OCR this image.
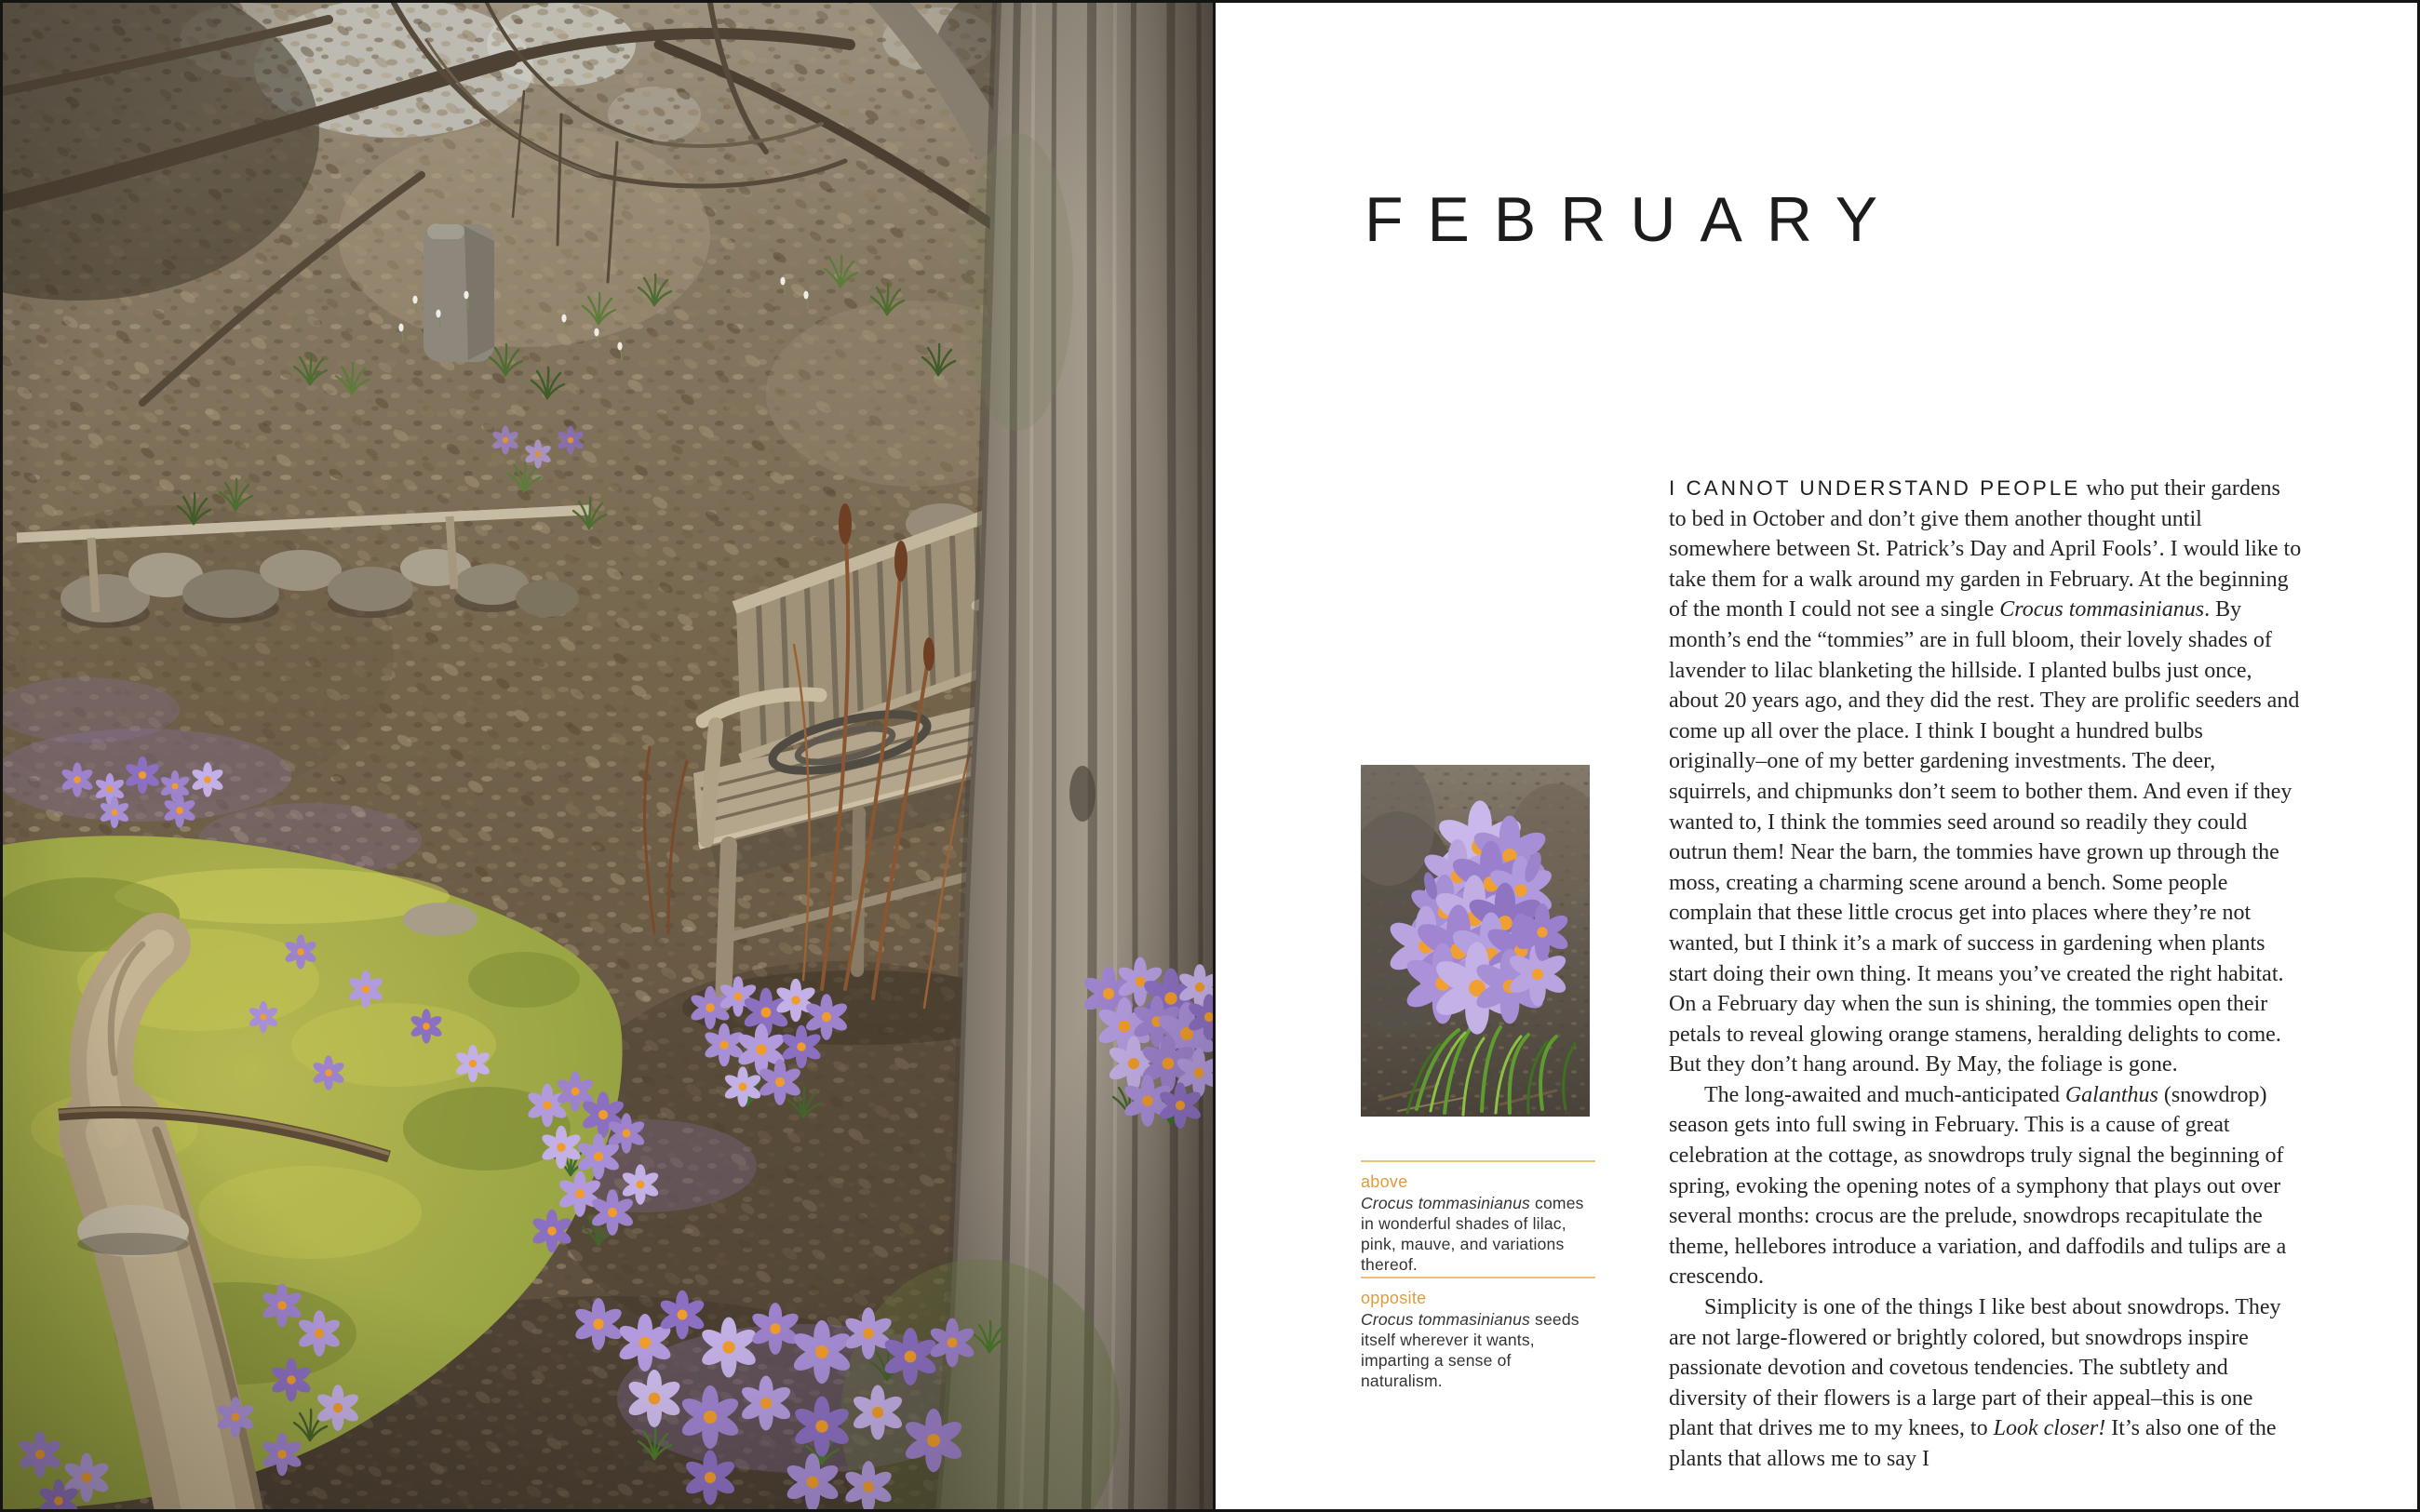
FEBRUARY
above
Crocus tommasinianus comes in wonderful shades of lilac, pink, mauve, and variations thereof.
opposite
Crocus tommasinianus seeds itself wherever it wants, imparting a sense of naturalism.

I CANNOT UNDERSTAND PEOPLE who put their gardens to bed in October and don’t give them another thought until somewhere between St. Patrick’s Day and April Fools’. I would like to take them for a walk around my garden in February. At the beginning of the month I could not see a single Crocus tommasinianus. By month’s end the “tommies” are in full bloom, their lovely shades of lavender to lilac blanketing the hillside. I planted bulbs just once, about 20 years ago, and they did the rest. They are prolific seeders and come up all over the place. I think I bought a hundred bulbs originally–one of my better gardening investments. The deer, squirrels, and chipmunks don’t seem to bother them. And even if they wanted to, I think the tommies seed around so readily they could outrun them! Near the barn, the tommies have grown up through the moss, creating a charming scene around a bench. Some people complain that these little crocus get into places where they’re not wanted, but I think it’s a mark of success in gardening when plants start doing their own thing. It means you’ve created the right habitat. On a February day when the sun is shining, the tommies open their petals to reveal glowing orange stamens, heralding delights to come. But they don’t hang around. By May, the foliage is gone.

The long-awaited and much-anticipated Galanthus (snowdrop) season gets into full swing in February. This is a cause of great celebration at the cottage, as snowdrops truly signal the beginning of spring, evoking the opening notes of a symphony that plays out over several months: crocus are the prelude, snowdrops recapitulate the theme, hellebores introduce a variation, and daffodils and tulips are a crescendo.

Simplicity is one of the things I like best about snowdrops. They are not large-flowered or brightly colored, but snowdrops inspire passionate devotion and covetous tendencies. The subtlety and diversity of their flowers is a large part of their appeal–this is one plant that drives me to my knees, to Look closer! It’s also one of the plants that allows me to say I
